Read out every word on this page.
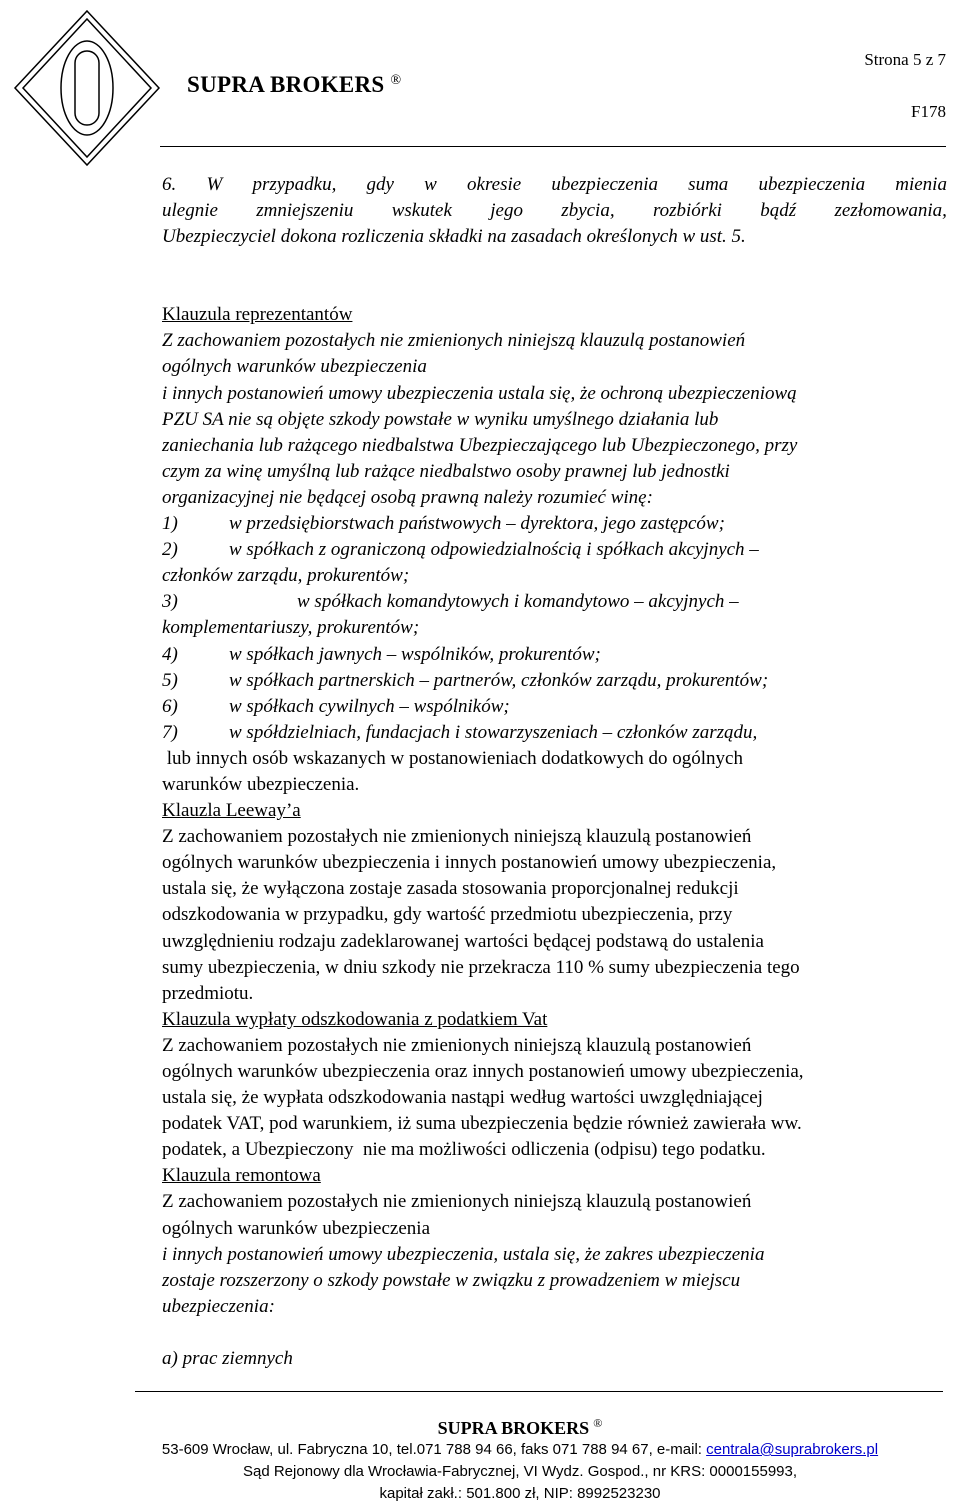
Strona 5 z 7
SUPRA BROKERS ®
F178
6. W przypadku, gdy w okresie ubezpieczenia suma ubezpieczenia mienia
ulegnie zmniejszeniu wskutek jego zbycia, rozbiórki bądź zezłomowania,
Ubezpieczyciel dokona rozliczenia składki na zasadach określonych w ust. 5.
Klauzula reprezentantów
Z zachowaniem pozostałych nie zmienionych niniejszą klauzulą postanowień
ogólnych warunków ubezpieczenia
i innych postanowień umowy ubezpieczenia ustala się, że ochroną ubezpieczeniową
PZU SA nie są objęte szkody powstałe w wyniku umyślnego działania lub
zaniechania lub rażącego niedbalstwa Ubezpieczającego lub Ubezpieczonego, przy
czym za winę umyślną lub rażące niedbalstwo osoby prawnej lub jednostki
organizacyjnej nie będącej osobą prawną należy rozumieć winę:
1)	w przedsiębiorstwach państwowych – dyrektora, jego zastępców;
2)	w spółkach z ograniczoną odpowiedzialnością i spółkach akcyjnych –
członków zarządu, prokurentów;
3)	w spółkach komandytowych i komandytowo – akcyjnych –
komplementariuszy, prokurentów;
4)	w spółkach jawnych – wspólników, prokurentów;
5)	w spółkach partnerskich – partnerów, członków zarządu, prokurentów;
6)	w spółkach cywilnych – wspólników;
7)	w spółdzielniach, fundacjach i stowarzyszeniach – członków zarządu,
lub innych osób wskazanych w postanowieniach dodatkowych do ogólnych
warunków ubezpieczenia.
Klauzla Leeway’a
Z zachowaniem pozostałych nie zmienionych niniejszą klauzulą postanowień
ogólnych warunków ubezpieczenia i innych postanowień umowy ubezpieczenia,
ustala się, że wyłączona zostaje zasada stosowania proporcjonalnej redukcji
odszkodowania w przypadku, gdy wartość przedmiotu ubezpieczenia, przy
uwzględnieniu rodzaju zadeklarowanej wartości będącej podstawą do ustalenia
sumy ubezpieczenia, w dniu szkody nie przekracza 110 % sumy ubezpieczenia tego
przedmiotu.
Klauzula wypłaty odszkodowania z podatkiem Vat
Z zachowaniem pozostałych nie zmienionych niniejszą klauzulą postanowień
ogólnych warunków ubezpieczenia oraz innych postanowień umowy ubezpieczenia,
ustala się, że wypłata odszkodowania nastąpi według wartości uwzględniającej
podatek VAT, pod warunkiem, iż suma ubezpieczenia będzie również zawierała ww.
podatek, a Ubezpieczony  nie ma możliwości odliczenia (odpisu) tego podatku.
Klauzula remontowa
Z zachowaniem pozostałych nie zmienionych niniejszą klauzulą postanowień
ogólnych warunków ubezpieczenia
i innych postanowień umowy ubezpieczenia, ustala się, że zakres ubezpieczenia
zostaje rozszerzony o szkody powstałe w związku z prowadzeniem w miejscu
ubezpieczenia:
a) prac ziemnych
SUPRA BROKERS ®
53-609 Wrocław, ul. Fabryczna 10, tel.071 788 94 66, faks 071 788 94 67, e-mail: centrala@suprabrokers.pl
Sąd Rejonowy dla Wrocławia-Fabrycznej, VI Wydz. Gospod., nr KRS: 0000155993,
kapitał zakł.: 501.800 zł, NIP: 8992523230
